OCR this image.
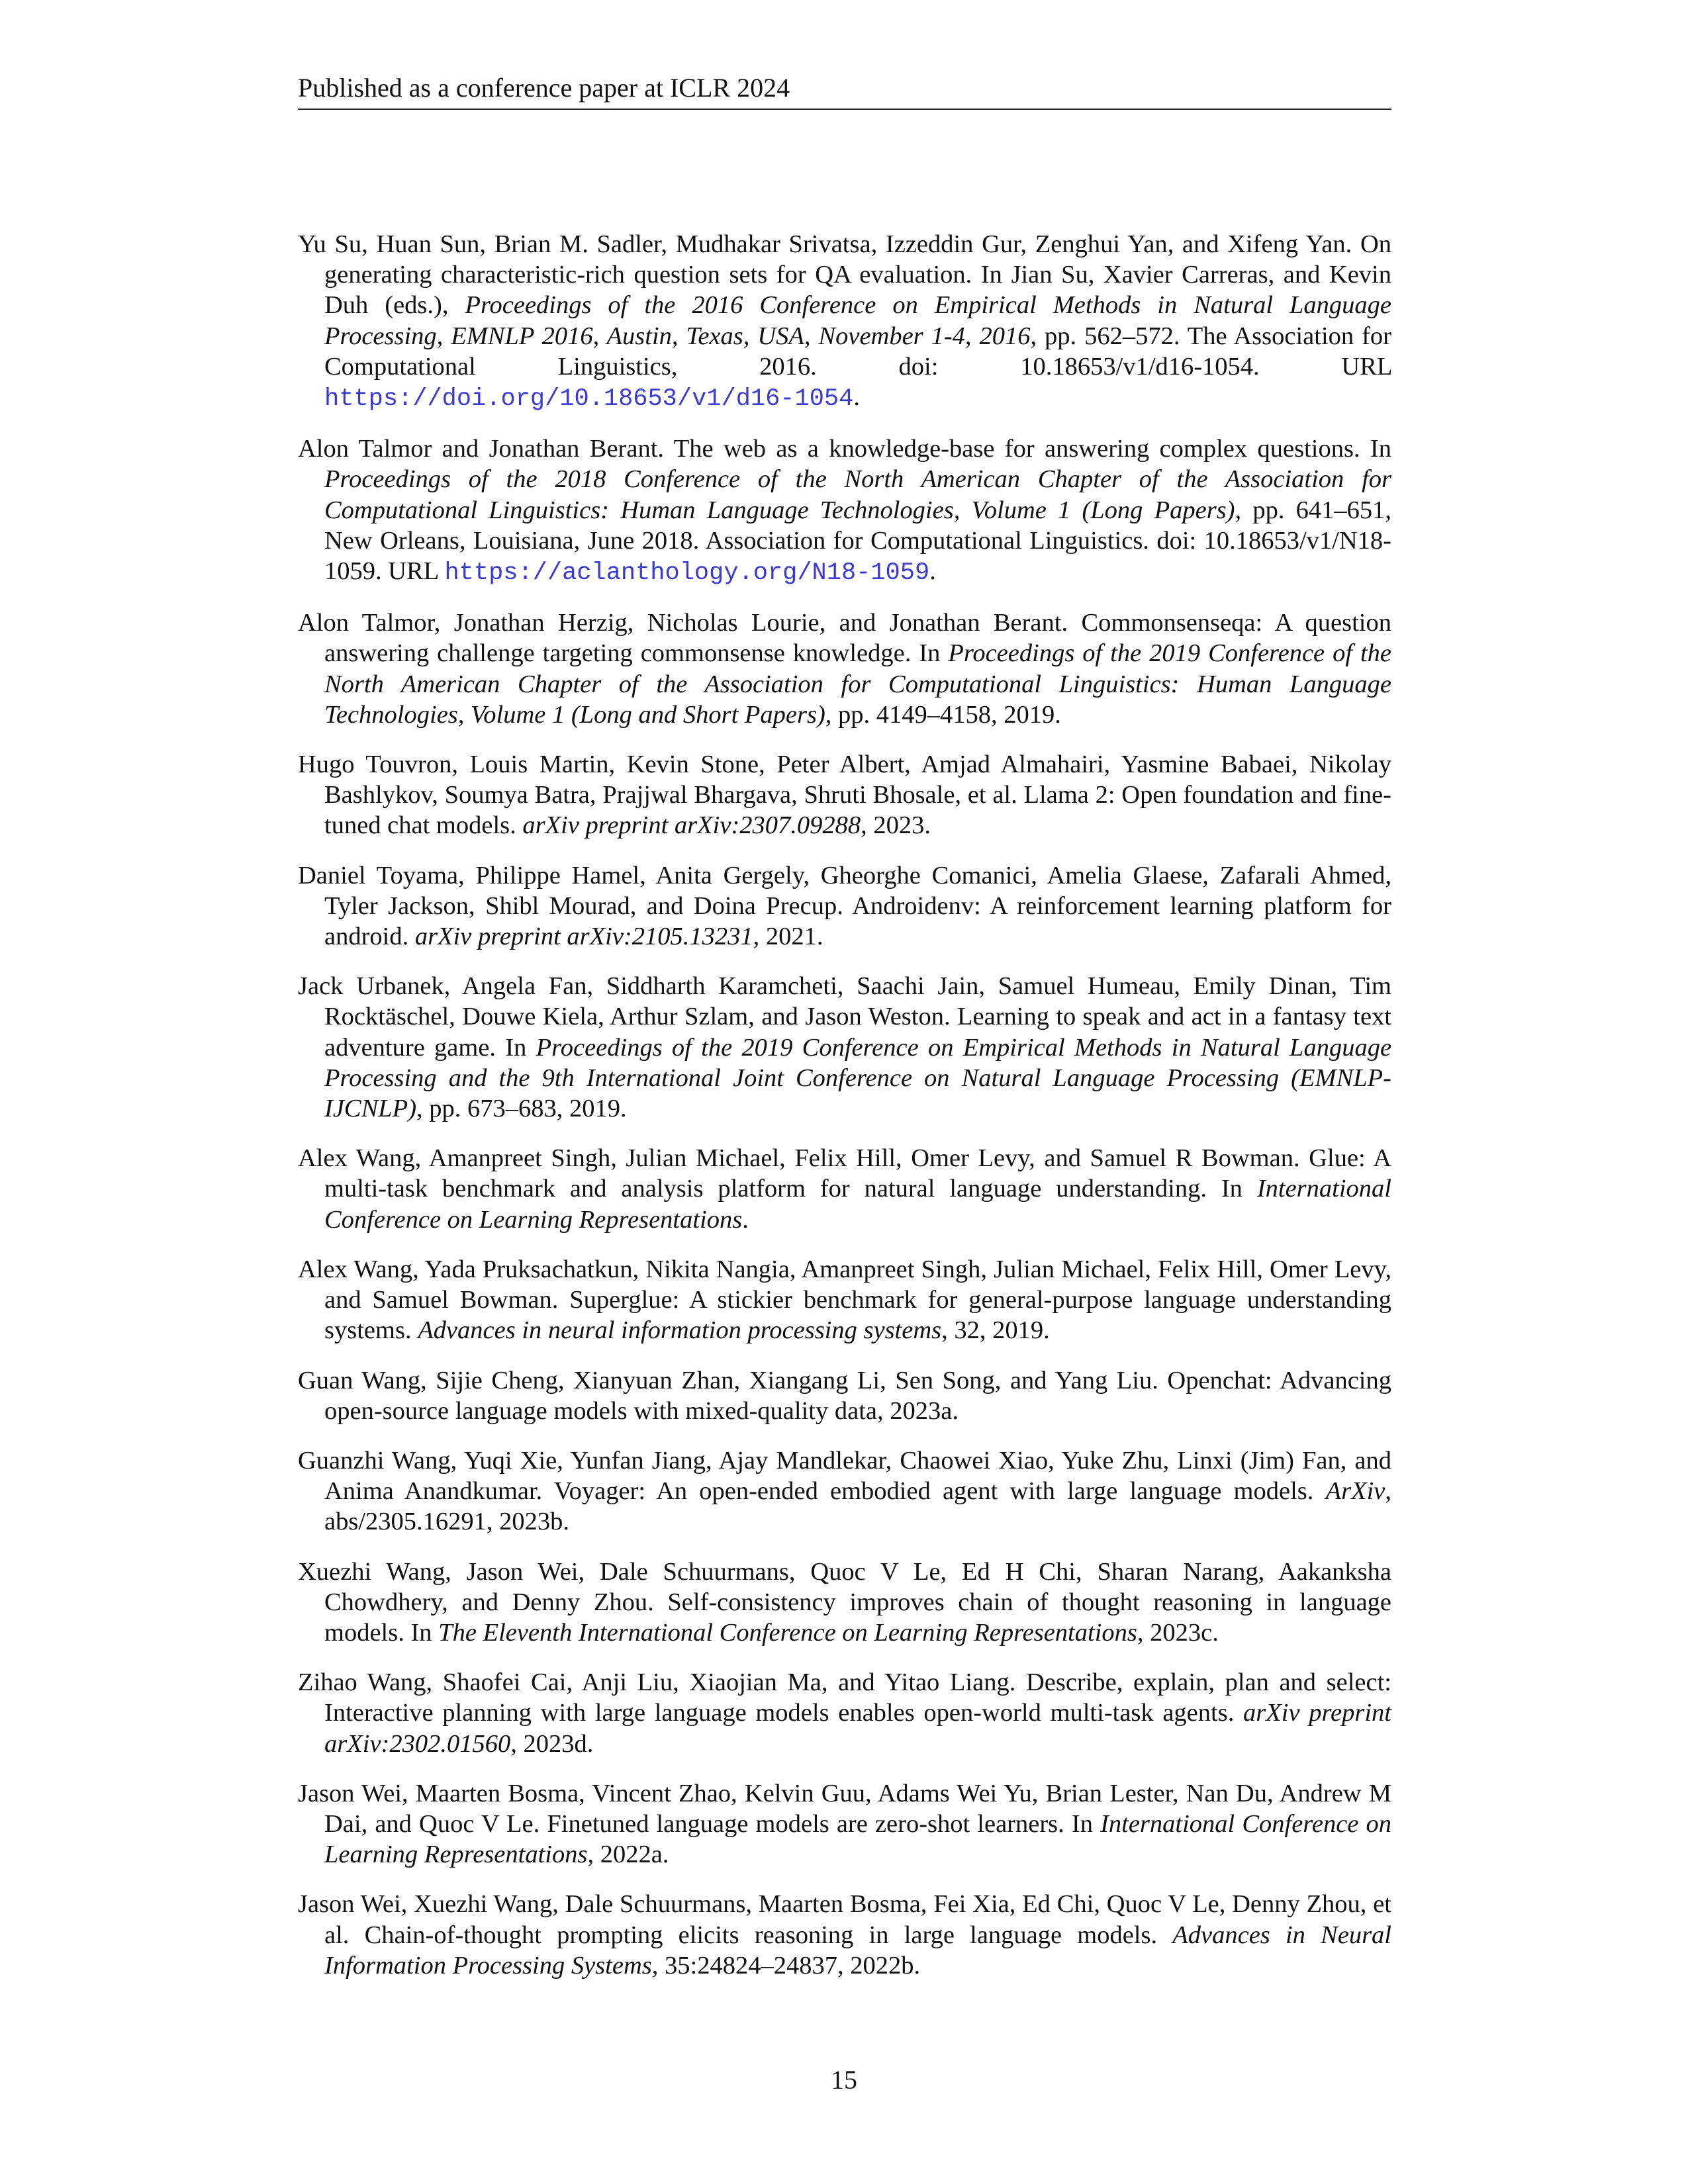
Published as a conference paper at ICLR 2024

Yu Su, Huan Sun, Brian M. Sadler, Mudhakar Srivatsa, Izzeddin Gur, Zenghui Yan, and Xifeng Yan. On generating characteristic-rich question sets for QA evaluation. In Jian Su, Xavier Carreras, and Kevin Duh (eds.), Proceedings of the 2016 Conference on Empirical Methods in Natural Language Processing, EMNLP 2016, Austin, Texas, USA, November 1-4, 2016, pp. 562–572. The Association for Computational Linguistics, 2016. doi: 10.18653/v1/d16-1054. URL https://doi.org/10.18653/v1/d16-1054.

Alon Talmor and Jonathan Berant. The web as a knowledge-base for answering complex questions. In Proceedings of the 2018 Conference of the North American Chapter of the Association for Computational Linguistics: Human Language Technologies, Volume 1 (Long Papers), pp. 641–651, New Orleans, Louisiana, June 2018. Association for Computational Linguistics. doi: 10.18653/v1/N18-1059. URL https://aclanthology.org/N18-1059.

Alon Talmor, Jonathan Herzig, Nicholas Lourie, and Jonathan Berant. Commonsenseqa: A question answering challenge targeting commonsense knowledge. In Proceedings of the 2019 Conference of the North American Chapter of the Association for Computational Linguistics: Human Language Technologies, Volume 1 (Long and Short Papers), pp. 4149–4158, 2019.

Hugo Touvron, Louis Martin, Kevin Stone, Peter Albert, Amjad Almahairi, Yasmine Babaei, Nikolay Bashlykov, Soumya Batra, Prajjwal Bhargava, Shruti Bhosale, et al. Llama 2: Open foundation and fine-tuned chat models. arXiv preprint arXiv:2307.09288, 2023.

Daniel Toyama, Philippe Hamel, Anita Gergely, Gheorghe Comanici, Amelia Glaese, Zafarali Ahmed, Tyler Jackson, Shibl Mourad, and Doina Precup. Androidenv: A reinforcement learning platform for android. arXiv preprint arXiv:2105.13231, 2021.

Jack Urbanek, Angela Fan, Siddharth Karamcheti, Saachi Jain, Samuel Humeau, Emily Dinan, Tim Rocktäschel, Douwe Kiela, Arthur Szlam, and Jason Weston. Learning to speak and act in a fantasy text adventure game. In Proceedings of the 2019 Conference on Empirical Methods in Natural Language Processing and the 9th International Joint Conference on Natural Language Processing (EMNLP-IJCNLP), pp. 673–683, 2019.

Alex Wang, Amanpreet Singh, Julian Michael, Felix Hill, Omer Levy, and Samuel R Bowman. Glue: A multi-task benchmark and analysis platform for natural language understanding. In International Conference on Learning Representations.

Alex Wang, Yada Pruksachatkun, Nikita Nangia, Amanpreet Singh, Julian Michael, Felix Hill, Omer Levy, and Samuel Bowman. Superglue: A stickier benchmark for general-purpose language understanding systems. Advances in neural information processing systems, 32, 2019.

Guan Wang, Sijie Cheng, Xianyuan Zhan, Xiangang Li, Sen Song, and Yang Liu. Openchat: Advancing open-source language models with mixed-quality data, 2023a.

Guanzhi Wang, Yuqi Xie, Yunfan Jiang, Ajay Mandlekar, Chaowei Xiao, Yuke Zhu, Linxi (Jim) Fan, and Anima Anandkumar. Voyager: An open-ended embodied agent with large language models. ArXiv, abs/2305.16291, 2023b.

Xuezhi Wang, Jason Wei, Dale Schuurmans, Quoc V Le, Ed H Chi, Sharan Narang, Aakanksha Chowdhery, and Denny Zhou. Self-consistency improves chain of thought reasoning in language models. In The Eleventh International Conference on Learning Representations, 2023c.

Zihao Wang, Shaofei Cai, Anji Liu, Xiaojian Ma, and Yitao Liang. Describe, explain, plan and select: Interactive planning with large language models enables open-world multi-task agents. arXiv preprint arXiv:2302.01560, 2023d.

Jason Wei, Maarten Bosma, Vincent Zhao, Kelvin Guu, Adams Wei Yu, Brian Lester, Nan Du, Andrew M Dai, and Quoc V Le. Finetuned language models are zero-shot learners. In International Conference on Learning Representations, 2022a.

Jason Wei, Xuezhi Wang, Dale Schuurmans, Maarten Bosma, Fei Xia, Ed Chi, Quoc V Le, Denny Zhou, et al. Chain-of-thought prompting elicits reasoning in large language models. Advances in Neural Information Processing Systems, 35:24824–24837, 2022b.

15
